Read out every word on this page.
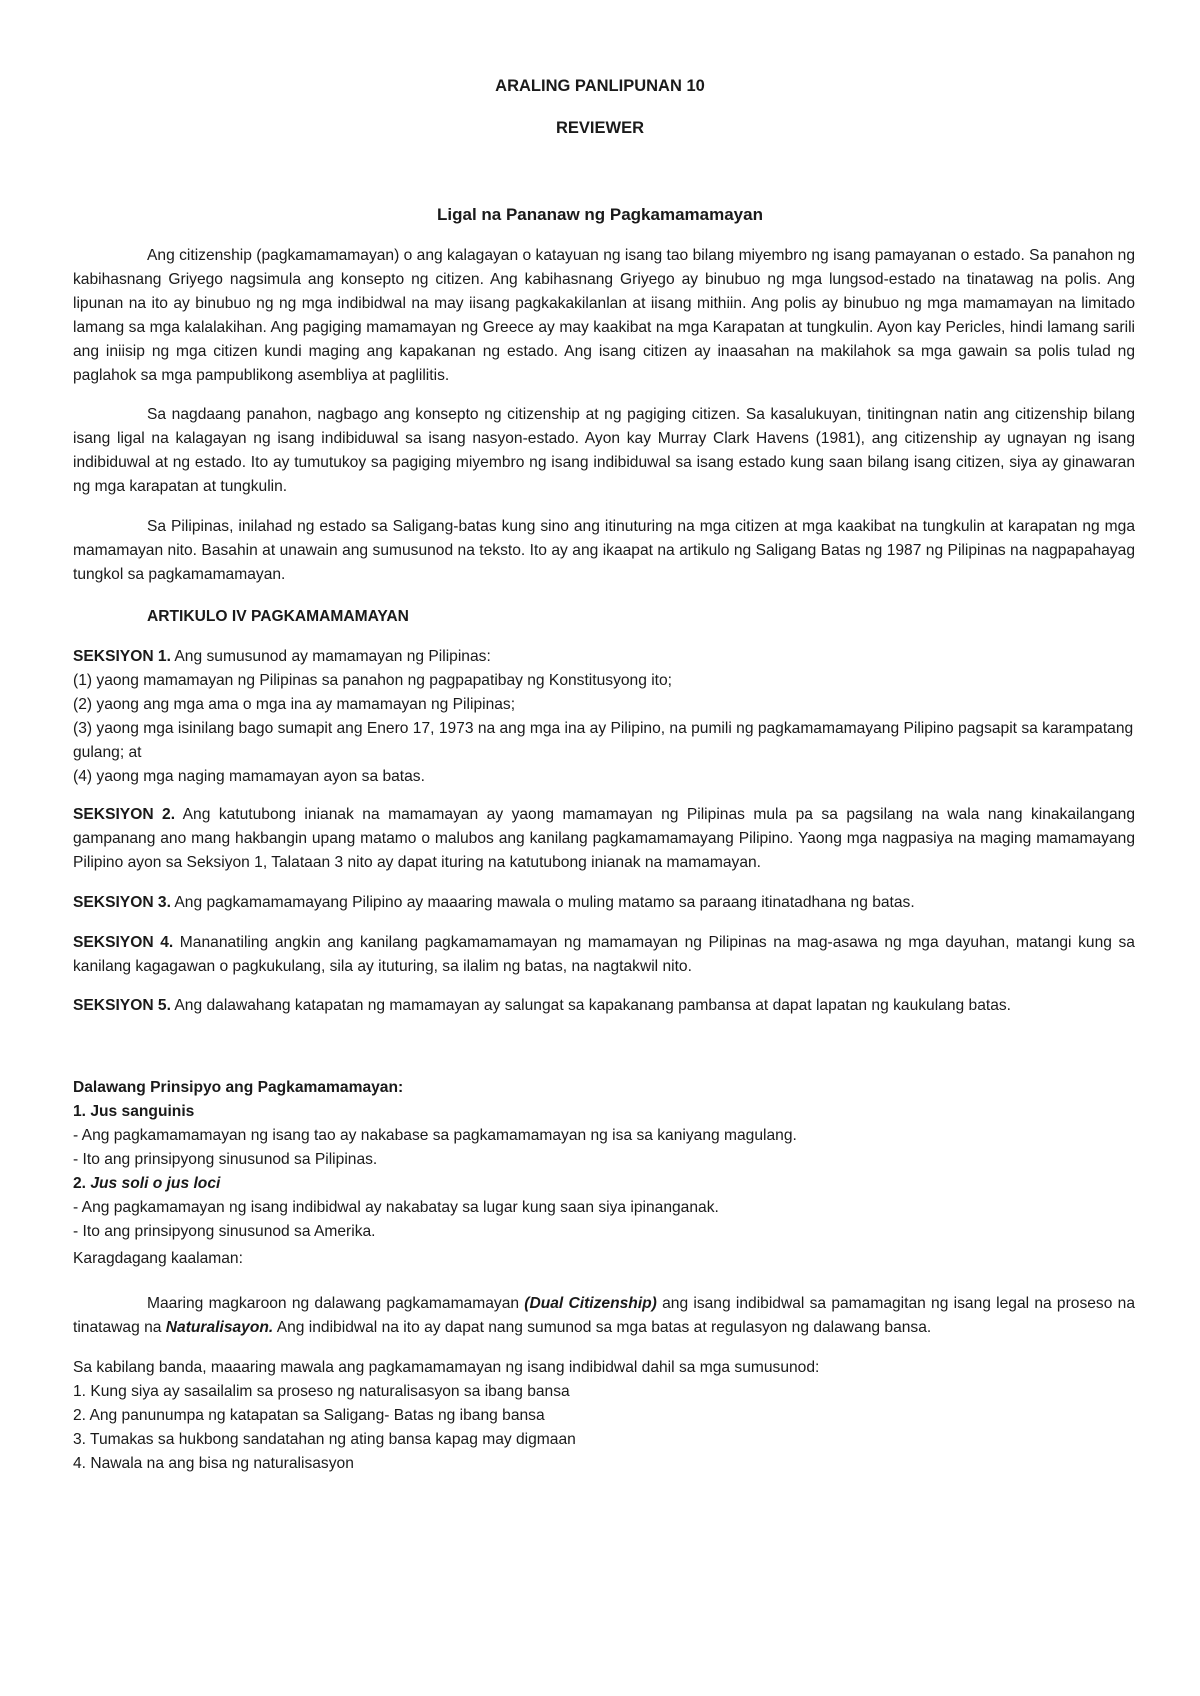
ARALING PANLIPUNAN 10
REVIEWER
Ligal na Pananaw ng Pagkamamamayan

Ang citizenship (pagkamamamayan) o ang kalagayan o katayuan ng isang tao bilang miyembro ng isang pamayanan o estado. Sa panahon ng kabihasnang Griyego nagsimula ang konsepto ng citizen. Ang kabihasnang Griyego ay binubuo ng mga lungsod-estado na tinatawag na polis. Ang lipunan na ito ay binubuo ng ng mga indibidwal na may iisang pagkakakilanlan at iisang mithiin. Ang polis ay binubuo ng mga mamamayan na limitado lamang sa mga kalalakihan. Ang pagiging mamamayan ng Greece ay may kaakibat na mga Karapatan at tungkulin. Ayon kay Pericles, hindi lamang sarili ang iniisip ng mga citizen kundi maging ang kapakanan ng estado. Ang isang citizen ay inaasahan na makilahok sa mga gawain sa polis tulad ng paglahok sa mga pampublikong asembliya at paglilitis.

Sa nagdaang panahon, nagbago ang konsepto ng citizenship at ng pagiging citizen. Sa kasalukuyan, tinitingnan natin ang citizenship bilang isang ligal na kalagayan ng isang indibiduwal sa isang nasyon-estado. Ayon kay Murray Clark Havens (1981), ang citizenship ay ugnayan ng isang indibiduwal at ng estado. Ito ay tumutukoy sa pagiging miyembro ng isang indibiduwal sa isang estado kung saan bilang isang citizen, siya ay ginawaran ng mga karapatan at tungkulin.

Sa Pilipinas, inilahad ng estado sa Saligang-batas kung sino ang itinuturing na mga citizen at mga kaakibat na tungkulin at karapatan ng mga mamamayan nito. Basahin at unawain ang sumusunod na teksto. Ito ay ang ikaapat na artikulo ng Saligang Batas ng 1987 ng Pilipinas na nagpapahayag tungkol sa pagkamamamayan.

ARTIKULO IV PAGKAMAMAMAYAN

SEKSIYON 1. Ang sumusunod ay mamamayan ng Pilipinas:

(1) yaong mamamayan ng Pilipinas sa panahon ng pagpapatibay ng Konstitusyong ito;

(2) yaong ang mga ama o mga ina ay mamamayan ng Pilipinas;

(3) yaong mga isinilang bago sumapit ang Enero 17, 1973 na ang mga ina ay Pilipino, na pumili ng pagkamamamayang Pilipino pagsapit sa karampatang gulang; at

(4) yaong mga naging mamamayan ayon sa batas.

SEKSIYON 2. Ang katutubong inianak na mamamayan ay yaong mamamayan ng Pilipinas mula pa sa pagsilang na wala nang kinakailangang gampanang ano mang hakbangin upang matamo o malubos ang kanilang pagkamamamayang Pilipino. Yaong mga nagpasiya na maging mamamayang Pilipino ayon sa Seksiyon 1, Talataan 3 nito ay dapat ituring na katutubong inianak na mamamayan.

SEKSIYON 3. Ang pagkamamamayang Pilipino ay maaaring mawala o muling matamo sa paraang itinatadhana ng batas.

SEKSIYON 4. Mananatiling angkin ang kanilang pagkamamamayan ng mamamayan ng Pilipinas na mag-asawa ng mga dayuhan, matangi kung sa kanilang kagagawan o pagkukulang, sila ay ituturing, sa ilalim ng batas, na nagtakwil nito.

SEKSIYON 5. Ang dalawahang katapatan ng mamamayan ay salungat sa kapakanang pambansa at dapat lapatan ng kaukulang batas.

Dalawang Prinsipyo ang Pagkamamamayan:
1. Jus sanguinis
- Ang pagkamamamayan ng isang tao ay nakabase sa pagkamamamayan ng isa sa kaniyang magulang.
- Ito ang prinsipyong sinusunod sa Pilipinas.
2. Jus soli o jus loci
- Ang pagkamamayan ng isang indibidwal ay nakabatay sa lugar kung saan siya ipinanganak.
- Ito ang prinsipyong sinusunod sa Amerika.

Karagdagang kaalaman:

Maaring magkaroon ng dalawang pagkamamamayan (Dual Citizenship) ang isang indibidwal sa pamamagitan ng isang legal na proseso na tinatawag na Naturalisayon. Ang indibidwal na ito ay dapat nang sumunod sa mga batas at regulasyon ng dalawang bansa.

Sa kabilang banda, maaaring mawala ang pagkamamamayan ng isang indibidwal dahil sa mga sumusunod:
1. Kung siya ay sasailalim sa proseso ng naturalisasyon sa ibang bansa
2. Ang panunumpa ng katapatan sa Saligang- Batas ng ibang bansa
3. Tumakas sa hukbong sandatahan ng ating bansa kapag may digmaan
4. Nawala na ang bisa ng naturalisasyon
